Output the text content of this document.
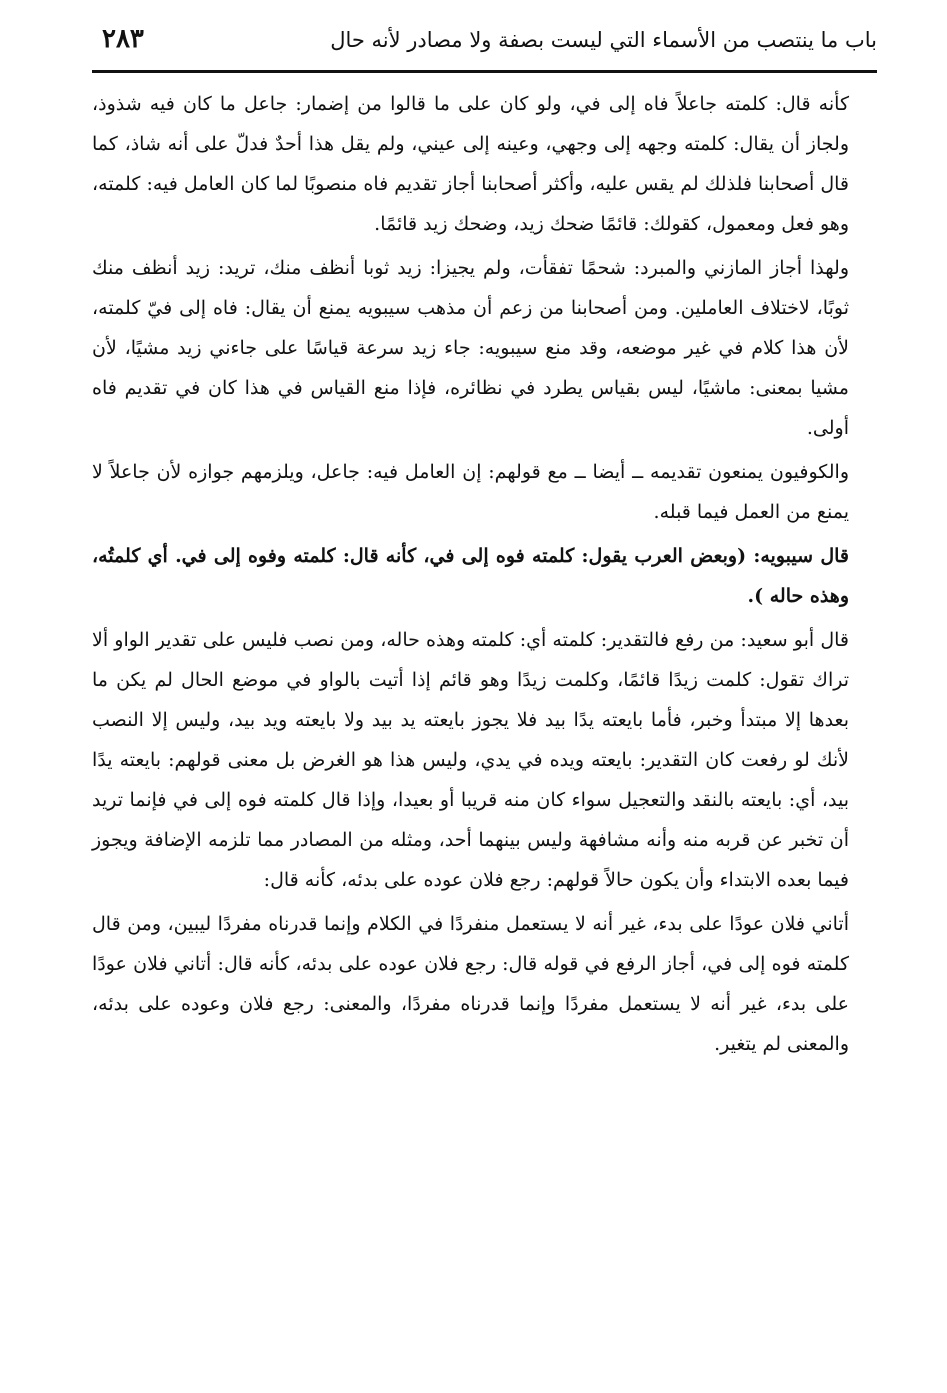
باب ما ينتصب من الأسماء التي ليست بصفة ولا مصادر لأنه حال
٢٨٣

كأنه قال: كلمته جاعلاً فاه إلى في، ولو كان على ما قالوا من إضمار: جاعل ما كان فيه شذوذ، ولجاز أن يقال: كلمته وجهه إلى وجهي، وعينه إلى عيني، ولم يقل هذا أحدٌ فدلّ على أنه شاذ، كما قال أصحابنا فلذلك لم يقس عليه، وأكثر أصحابنا أجاز تقديم فاه منصوبًا لما كان العامل فيه: كلمته، وهو فعل ومعمول، كقولك: قائمًا ضحك زيد، وضحك زيد قائمًا.

ولهذا أجاز المازني والمبرد: شحمًا تفقأت، ولم يجيزا: زيد ثوبا أنظف منك، تريد: زيد أنظف منك ثوبًا، لاختلاف العاملين. ومن أصحابنا من زعم أن مذهب سيبويه يمنع أن يقال: فاه إلى فيّ كلمته، لأن هذا كلام في غير موضعه، وقد منع سيبويه: جاء زيد سرعة قياسًا على جاءني زيد مشيًا، لأن مشيا بمعنى: ماشيًا، ليس بقياس يطرد في نظائره، فإذا منع القياس في هذا كان في تقديم فاه أولى.

والكوفيون يمنعون تقديمه ــ أيضا ــ مع قولهم: إن العامل فيه: جاعل، ويلزمهم جوازه لأن جاعلاً لا يمنع من العمل فيما قبله.

قال سيبويه: (وبعض العرب يقول: كلمته فوه إلى في، كأنه قال: كلمته وفوه إلى في. أي كلمتُه، وهذه حاله ).

قال أبو سعيد: من رفع فالتقدير: كلمته أي: كلمته وهذه حاله، ومن نصب فليس على تقدير الواو ألا تراك تقول: كلمت زيدًا قائمًا، وكلمت زيدًا وهو قائم إذا أتيت بالواو في موضع الحال لم يكن ما بعدها إلا مبتدأ وخبر، فأما بايعته يدًا بيد فلا يجوز بايعته يد بيد ولا بايعته ويد بيد، وليس إلا النصب لأنك لو رفعت كان التقدير: بايعته ويده في يدي، وليس هذا هو الغرض بل معنى قولهم: بايعته يدًا بيد، أي: بايعته بالنقد والتعجيل سواء كان منه قريبا أو بعيدا، وإذا قال كلمته فوه إلى في فإنما تريد أن تخبر عن قربه منه وأنه مشافهة وليس بينهما أحد، ومثله من المصادر مما تلزمه الإضافة ويجوز فيما بعده الابتداء وأن يكون حالاً قولهم: رجع فلان عوده على بدئه، كأنه قال:

أتاني فلان عودًا على بدء، غير أنه لا يستعمل منفردًا في الكلام وإنما قدرناه مفردًا ليبين، ومن قال كلمته فوه إلى في، أجاز الرفع في قوله قال: رجع فلان عوده على بدئه، كأنه قال: أتاني فلان عودًا على بدء، غير أنه لا يستعمل مفردًا وإنما قدرناه مفردًا، والمعنى: رجع فلان وعوده على بدئه، والمعنى لم يتغير.
